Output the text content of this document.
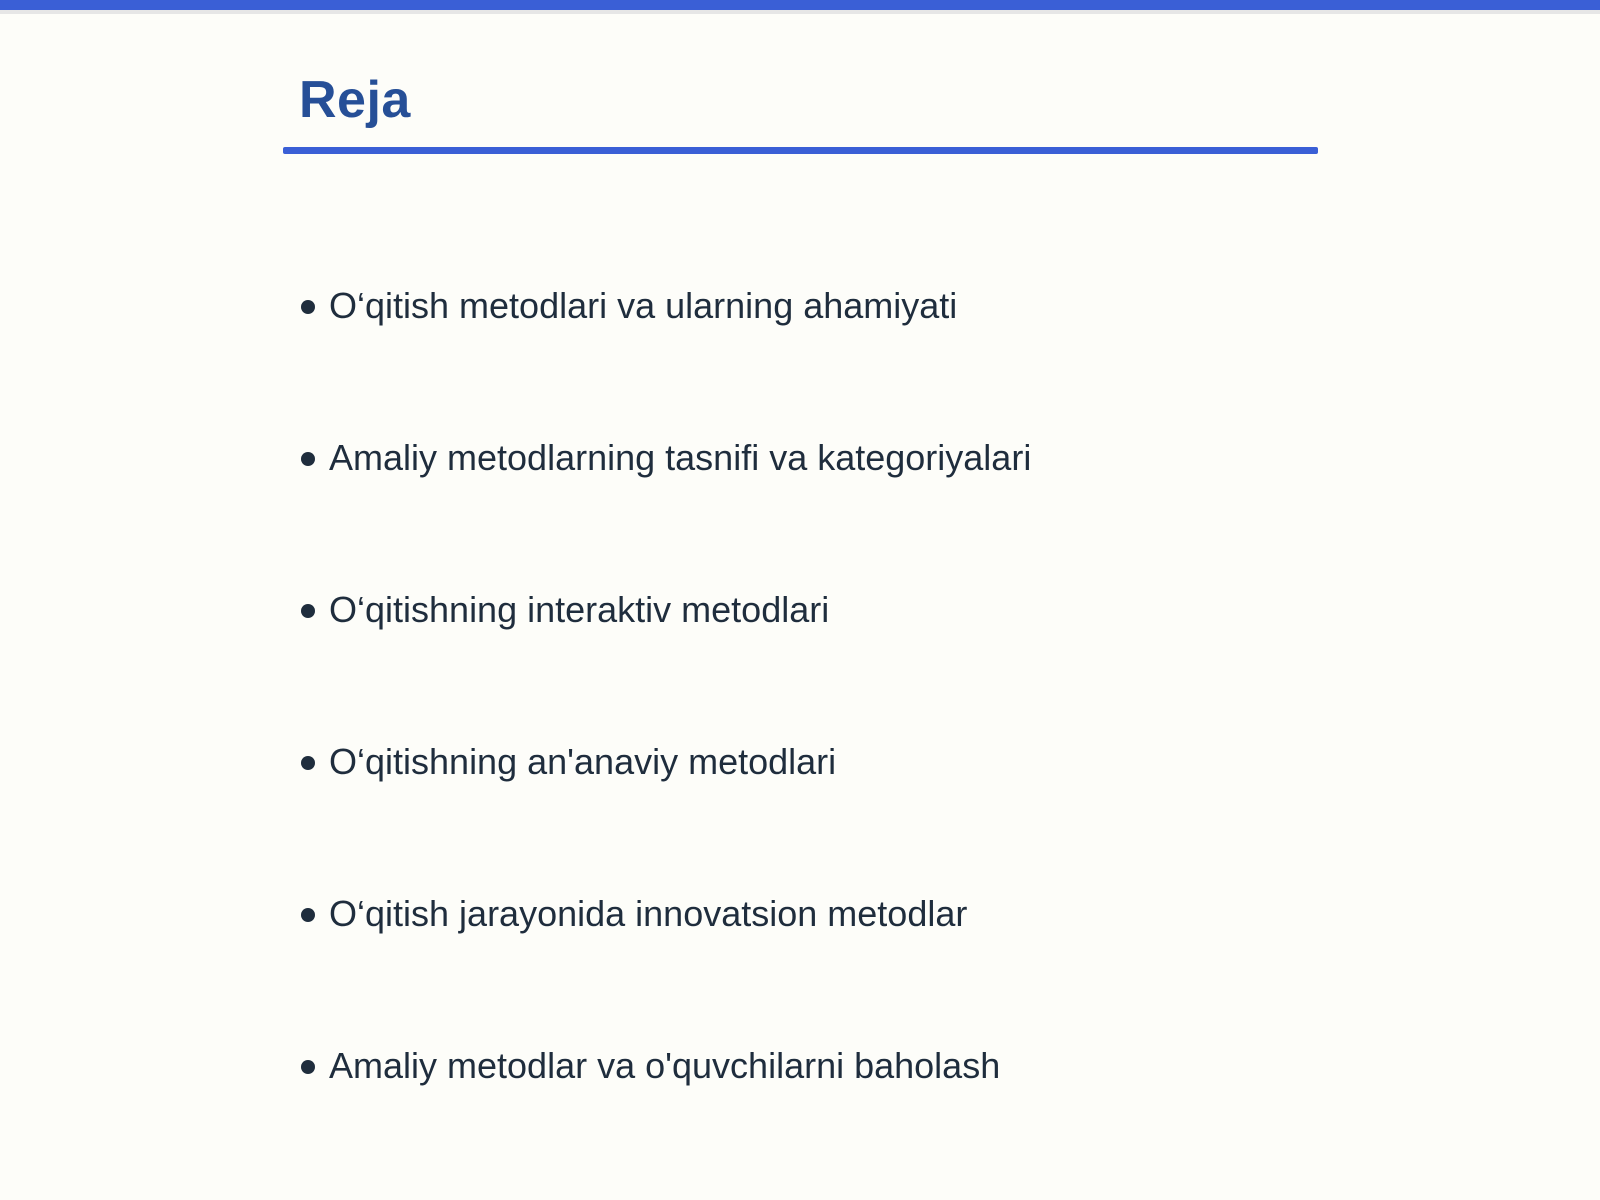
Reja
O‘qitish metodlari va ularning ahamiyati
Amaliy metodlarning tasnifi va kategoriyalari
O‘qitishning interaktiv metodlari
O‘qitishning an'anaviy metodlari
O‘qitish jarayonida innovatsion metodlar
Amaliy metodlar va o'quvchilarni baholash
